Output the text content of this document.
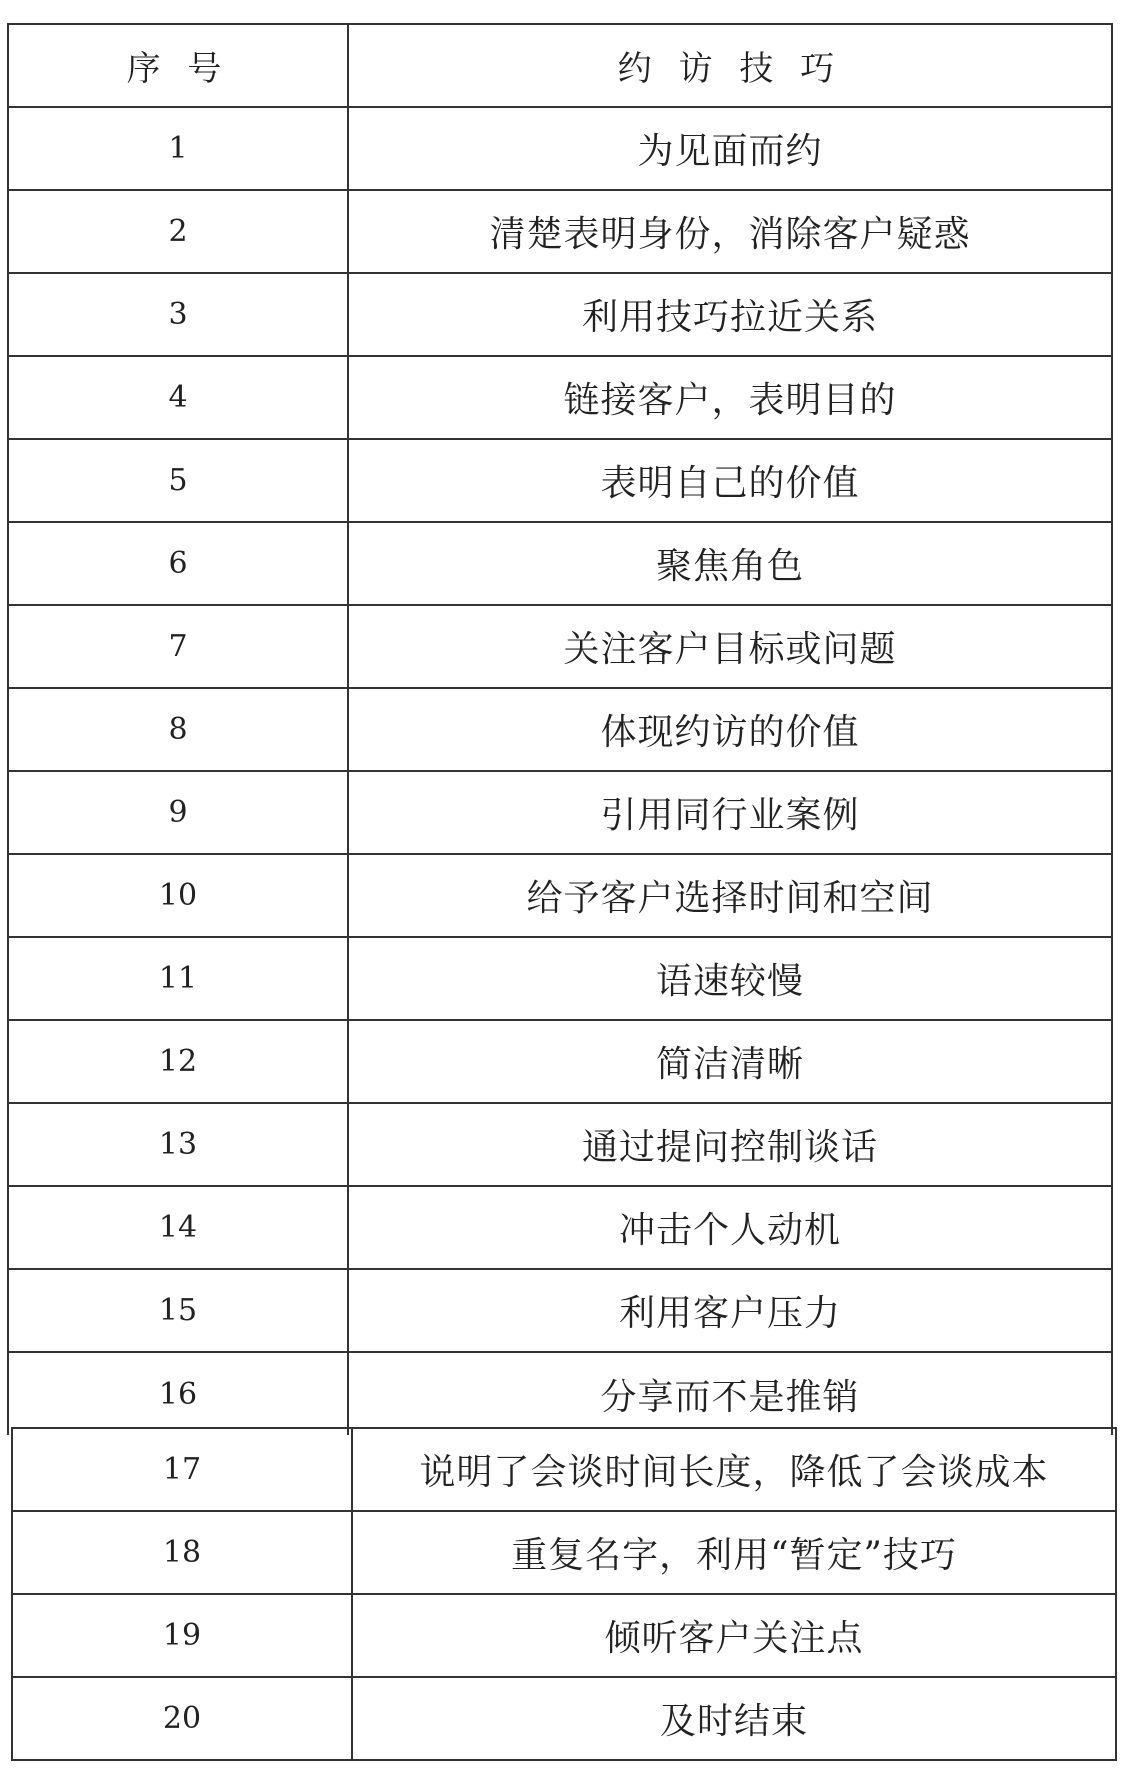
序 号	约 访 技 巧
1	为见面而约
2	清楚表明身份，消除客户疑惑
3	利用技巧拉近关系
4	链接客户，表明目的
5	表明自己的价值
6	聚焦角色
7	关注客户目标或问题
8	体现约访的价值
9	引用同行业案例
10	给予客户选择时间和空间
11	语速较慢
12	简洁清晰
13	通过提问控制谈话
14	冲击个人动机
15	利用客户压力
16	分享而不是推销
17	说明了会谈时间长度，降低了会谈成本
18	重复名字，利用“暂定”技巧
19	倾听客户关注点
20	及时结束
